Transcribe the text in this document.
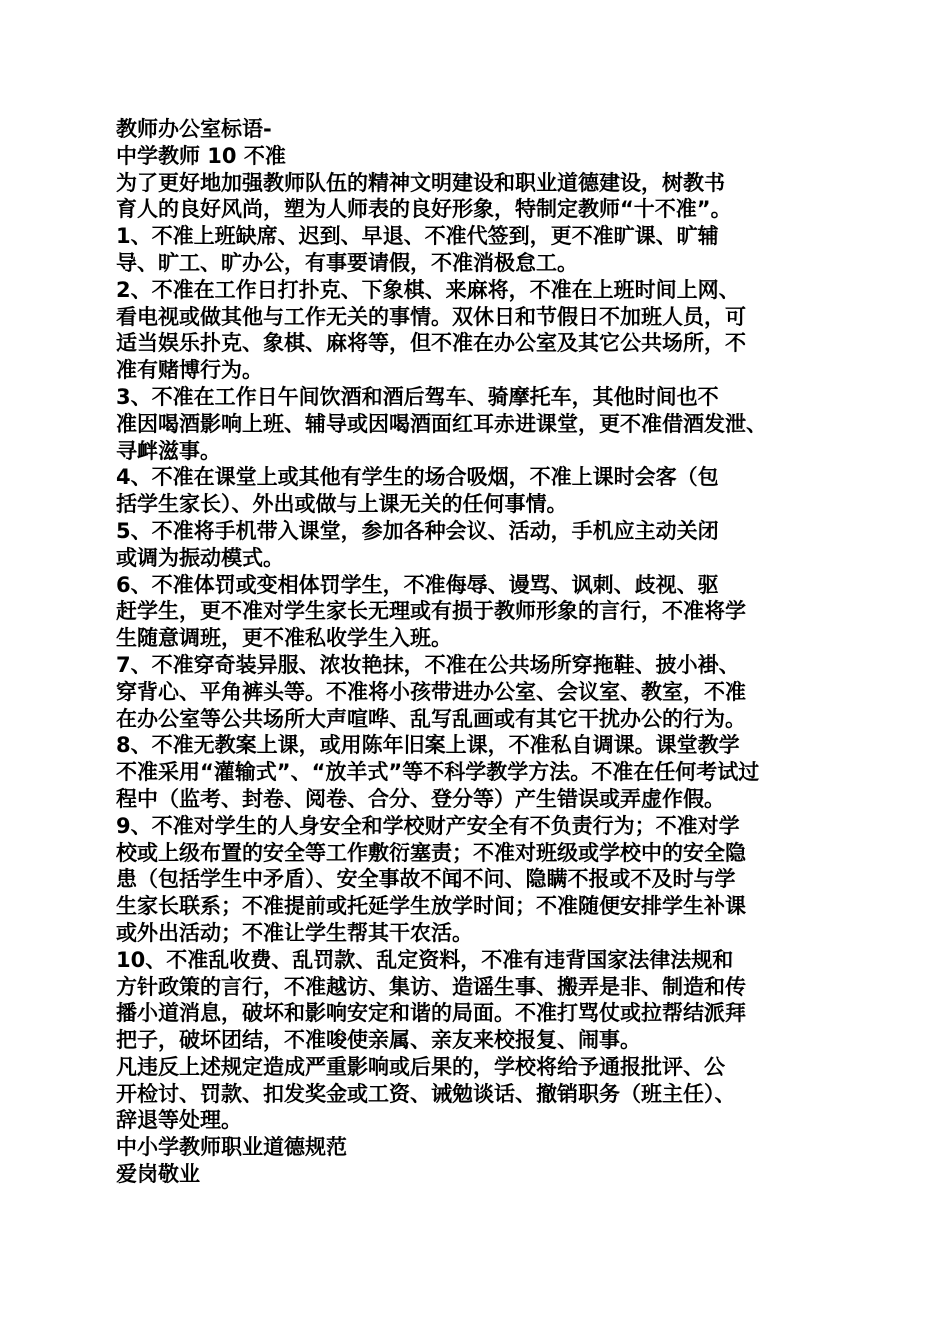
教师办公室标语-
中学教师 10 不准
为了更好地加强教师队伍的精神文明建设和职业道德建设，树教书
育人的良好风尚，塑为人师表的良好形象，特制定教师“十不准”。
1、不准上班缺席、迟到、早退、不准代签到，更不准旷课、旷辅
导、旷工、旷办公，有事要请假，不准消极怠工。
2、不准在工作日打扑克、下象棋、来麻将，不准在上班时间上网、
看电视或做其他与工作无关的事情。双休日和节假日不加班人员，可
适当娱乐扑克、象棋、麻将等，但不准在办公室及其它公共场所，不
准有赌博行为。
3、不准在工作日午间饮酒和酒后驾车、骑摩托车，其他时间也不
准因喝酒影响上班、辅导或因喝酒面红耳赤进课堂，更不准借酒发泄、
寻衅滋事。
4、不准在课堂上或其他有学生的场合吸烟，不准上课时会客（包
括学生家长）、外出或做与上课无关的任何事情。
5、不准将手机带入课堂，参加各种会议、活动，手机应主动关闭
或调为振动模式。
6、不准体罚或变相体罚学生，不准侮辱、谩骂、讽刺、歧视、驱
赶学生，更不准对学生家长无理或有损于教师形象的言行，不准将学
生随意调班，更不准私收学生入班。
7、不准穿奇装异服、浓妆艳抹，不准在公共场所穿拖鞋、披小褂、
穿背心、平角裤头等。不准将小孩带进办公室、会议室、教室，不准
在办公室等公共场所大声喧哗、乱写乱画或有其它干扰办公的行为。
8、不准无教案上课，或用陈年旧案上课，不准私自调课。课堂教学
不准采用“灌输式”、“放羊式”等不科学教学方法。不准在任何考试过
程中（监考、封卷、阅卷、合分、登分等）产生错误或弄虚作假。
9、不准对学生的人身安全和学校财产安全有不负责行为；不准对学
校或上级布置的安全等工作敷衍塞责；不准对班级或学校中的安全隐
患（包括学生中矛盾）、安全事故不闻不问、隐瞒不报或不及时与学
生家长联系；不准提前或托延学生放学时间；不准随便安排学生补课
或外出活动；不准让学生帮其干农活。
10、不准乱收费、乱罚款、乱定资料，不准有违背国家法律法规和
方针政策的言行，不准越访、集访、造谣生事、搬弄是非、制造和传
播小道消息，破坏和影响安定和谐的局面。不准打骂仗或拉帮结派拜
把子，破坏团结，不准唆使亲属、亲友来校报复、闹事。
凡违反上述规定造成严重影响或后果的，学校将给予通报批评、公
开检讨、罚款、扣发奖金或工资、诫勉谈话、撤销职务（班主任）、
辞退等处理。
中小学教师职业道德规范
爱岗敬业
